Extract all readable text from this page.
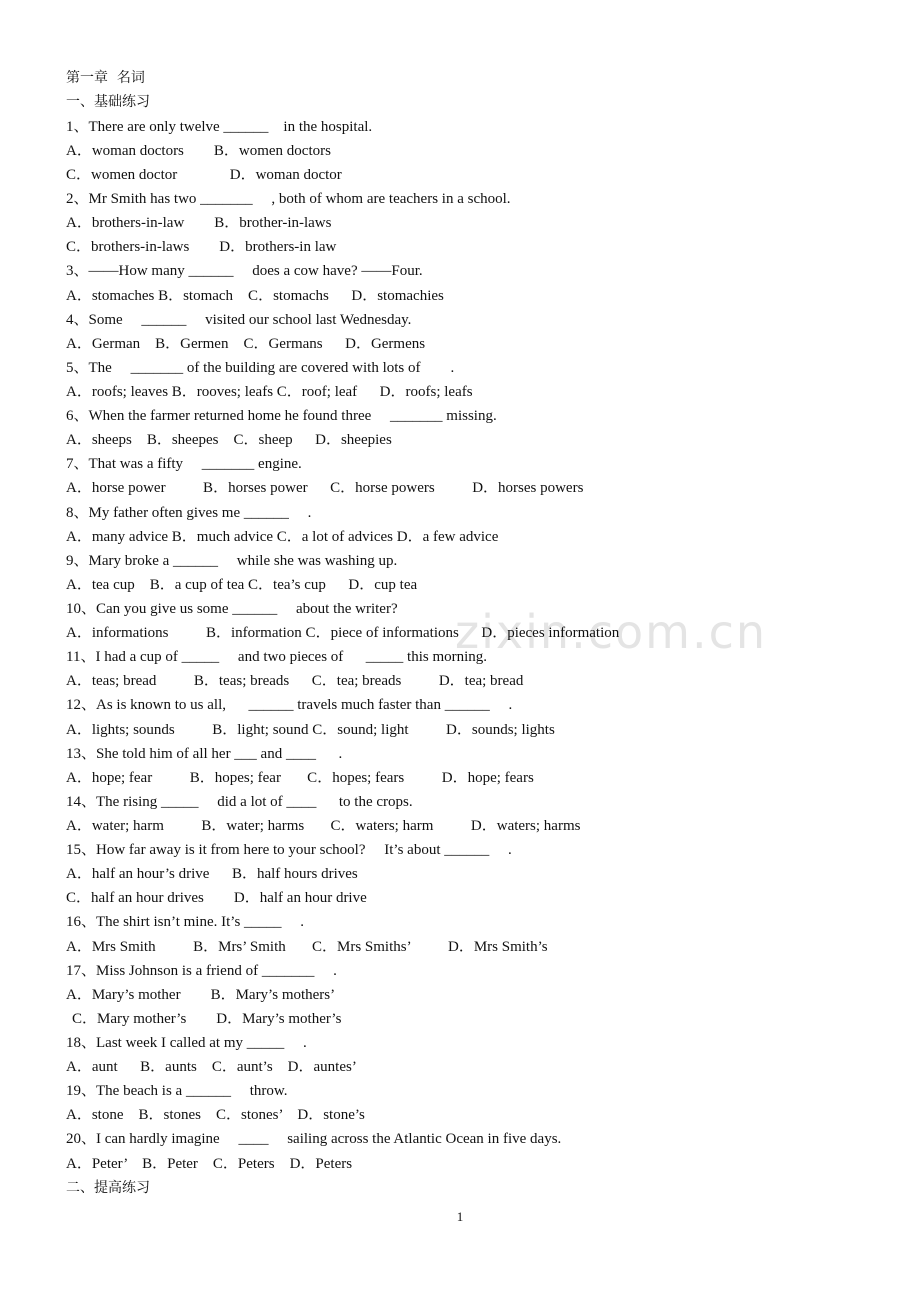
zixin.com.cn
第一章  名词
一、基础练习
1、There are only twelve ______    in the hospital.
A．woman doctors        B．women doctors
C．women doctor              D．woman doctor
2、Mr Smith has two _______     , both of whom are teachers in a school.
A．brothers-in-law        B．brother-in-laws
C．brothers-in-laws        D．brothers-in law
3、——How many ______     does a cow have? ——Four.
A．stomaches B．stomach    C．stomachs      D．stomachies
4、Some     ______     visited our school last Wednesday.
A．German    B．Germen    C．Germans      D．Germens
5、The     _______ of the building are covered with lots of        .
A．roofs; leaves B．rooves; leafs C．roof; leaf      D．roofs; leafs
6、When the farmer returned home he found three     _______ missing.
A．sheeps    B．sheepes    C．sheep      D．sheepies
7、That was a fifty     _______ engine.
A．horse power          B．horses power      C．horse powers          D．horses powers
8、My father often gives me ______     .
A．many advice B．much advice C．a lot of advices D．a few advice
9、Mary broke a ______     while she was washing up.
A．tea cup    B．a cup of tea C．tea’s cup      D．cup tea
10、Can you give us some ______     about the writer?
A．informations          B．information C．piece of informations      D．pieces information
11、I had a cup of _____     and two pieces of      _____ this morning.
A．teas; bread          B．teas; breads      C．tea; breads          D．tea; bread
12、As is known to us all,      ______ travels much faster than ______     .
A．lights; sounds          B．light; sound C．sound; light          D．sounds; lights
13、She told him of all her ___ and ____      .
A．hope; fear          B．hopes; fear       C．hopes; fears          D．hope; fears
14、The rising _____     did a lot of ____      to the crops.
A．water; harm          B．water; harms       C．waters; harm          D．waters; harms
15、How far away is it from here to your school?     It’s about ______     .
A．half an hour’s drive      B．half hours drives
C．half an hour drives        D．half an hour drive
16、The shirt isn’t mine. It’s _____     .
A．Mrs Smith          B．Mrs’ Smith       C．Mrs Smiths’          D．Mrs Smith’s
17、Miss Johnson is a friend of _______     .
A．Mary’s mother        B．Mary’s mothers’
C．Mary mother’s        D．Mary’s mother’s
18、Last week I called at my _____     .
A．aunt      B．aunts    C．aunt’s    D．auntes’
19、The beach is a ______     throw.
A．stone    B．stones    C．stones’    D．stone’s
20、I can hardly imagine     ____     sailing across the Atlantic Ocean in five days.
A．Peter’    B．Peter    C．Peters    D．Peters
二、提高练习
1
